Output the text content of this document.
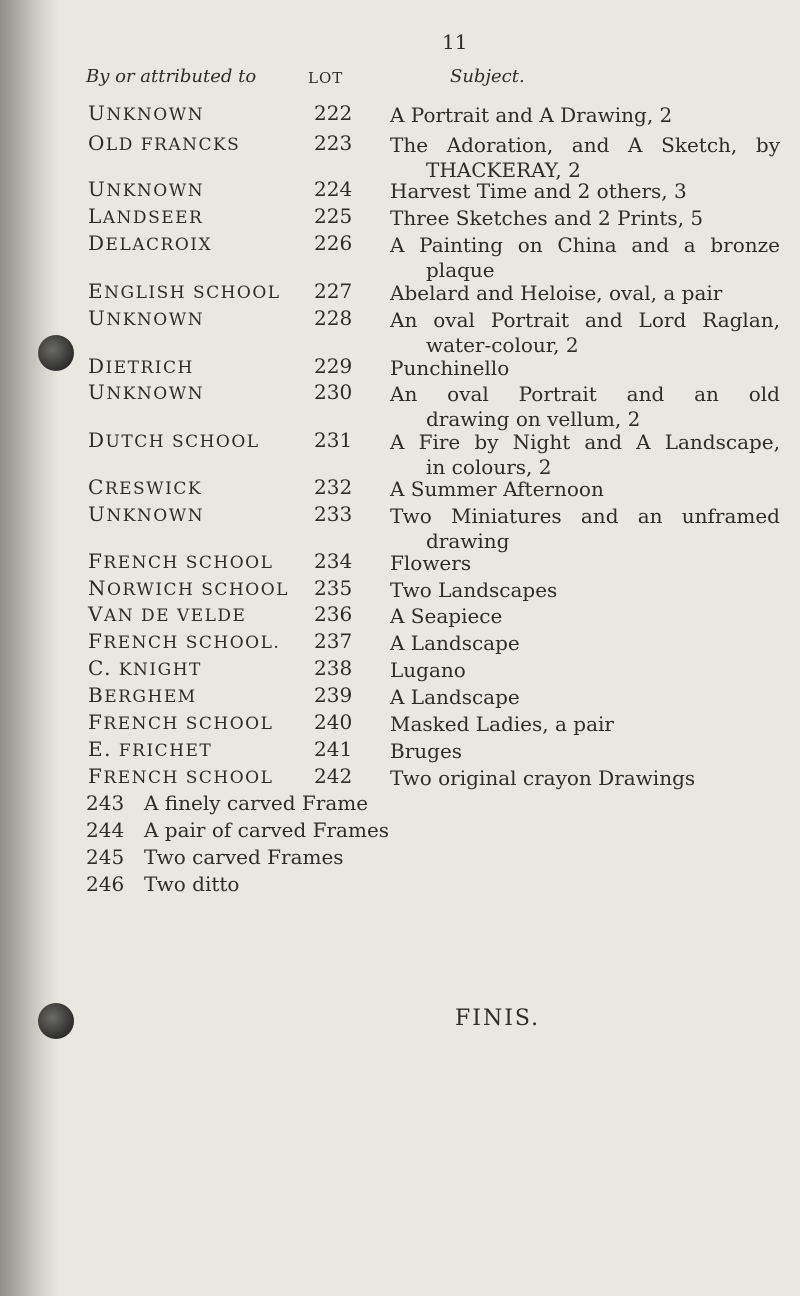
11
By or attributed to	LOT	Subject.
UNKNOWN	222 A Portrait and A Drawing, 2
OLD FRANCKS	223 The Adoration, and A Sketch, by
THACKERAY, 2
UNKNOWN	224 Harvest Time and 2 others, 3
LANDSEER	225 Three Sketches and 2 Prints, 5
DELACROIX	226 A Painting on China and a bronze
plaque
ENGLISH SCHOOL 227 Abelard and Heloise, oval, a pair
UNKNOWN	228 An oval Portrait and Lord Raglan,
water-colour, 2
DIETRICH	229 Punchinello
UNKNOWN	230 An oval Portrait and an old
drawing on vellum, 2
DUTCH SCHOOL	231 A Fire by Night and A Landscape,
in colours, 2
CRESWICK	232 A Summer Afternoon
UNKNOWN	233 Two Miniatures and an unframed
drawing
FRENCH SCHOOL 234 Flowers
NORWICH SCHOOL 235 Two Landscapes
VAN DE VELDE	236 A Seapiece
FRENCH SCHOOL. 237 A Landscape
C. KNIGHT	238 Lugano
BERGHEM	239 A Landscape
FRENCH SCHOOL 240 Masked Ladies, a pair
E. FRICHET	241 Bruges
FRENCH SCHOOL 242 Two original crayon Drawings
243 A finely carved Frame
244 A pair of carved Frames
245 Two carved Frames
246 Two ditto
FINIS.
